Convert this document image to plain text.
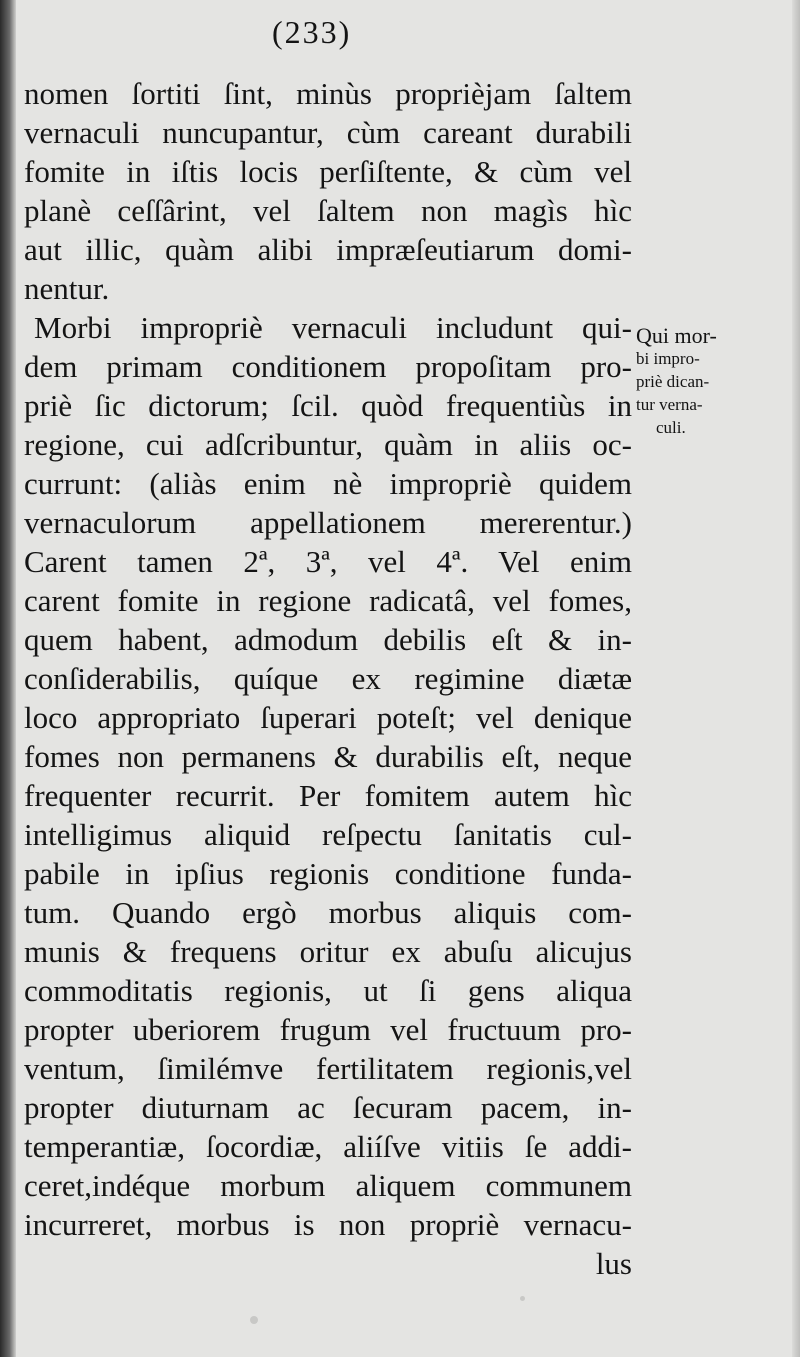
(233)
nomen ſortiti ſint, minùs proprièjam ſaltem
vernaculi nuncupantur, cùm careant durabili
fomite in iſtis locis perſiſtente, & cùm vel
planè ceſſârint, vel ſaltem non magìs hìc
aut illic, quàm alibi impræſeutiarum domi-
nentur.
Morbi impropriè vernaculi includunt qui-
dem primam conditionem propoſitam pro-
priè ſic dictorum; ſcil. quòd frequentiùs in
regione, cui adſcribuntur, quàm in aliis oc-
currunt: (aliàs enim nè impropriè quidem
vernaculorum appellationem mererentur.)
Carent tamen 2ª, 3ª, vel 4ª. Vel enim
carent fomite in regione radicatâ, vel fomes,
quem habent, admodum debilis eſt & in-
conſiderabilis, quíque ex regimine diætæ
loco appropriato ſuperari poteſt; vel denique
fomes non permanens & durabilis eſt, neque
frequenter recurrit. Per fomitem autem hìc
intelligimus aliquid reſpectu ſanitatis cul-
pabile in ipſius regionis conditione funda-
tum. Quando ergò morbus aliquis com-
munis & frequens oritur ex abuſu alicujus
commoditatis regionis, ut ſi gens aliqua
propter uberiorem frugum vel fructuum pro-
ventum, ſimilémve fertilitatem regionis,vel
propter diuturnam ac ſecuram pacem, in-
temperantiæ, ſocordiæ, aliíſve vitiis ſe addi-
ceret,indéque morbum aliquem communem
incurreret, morbus is non propriè vernacu-
lus
Qui mor-
bi impro-
priè dican-
tur verna-
culi.
